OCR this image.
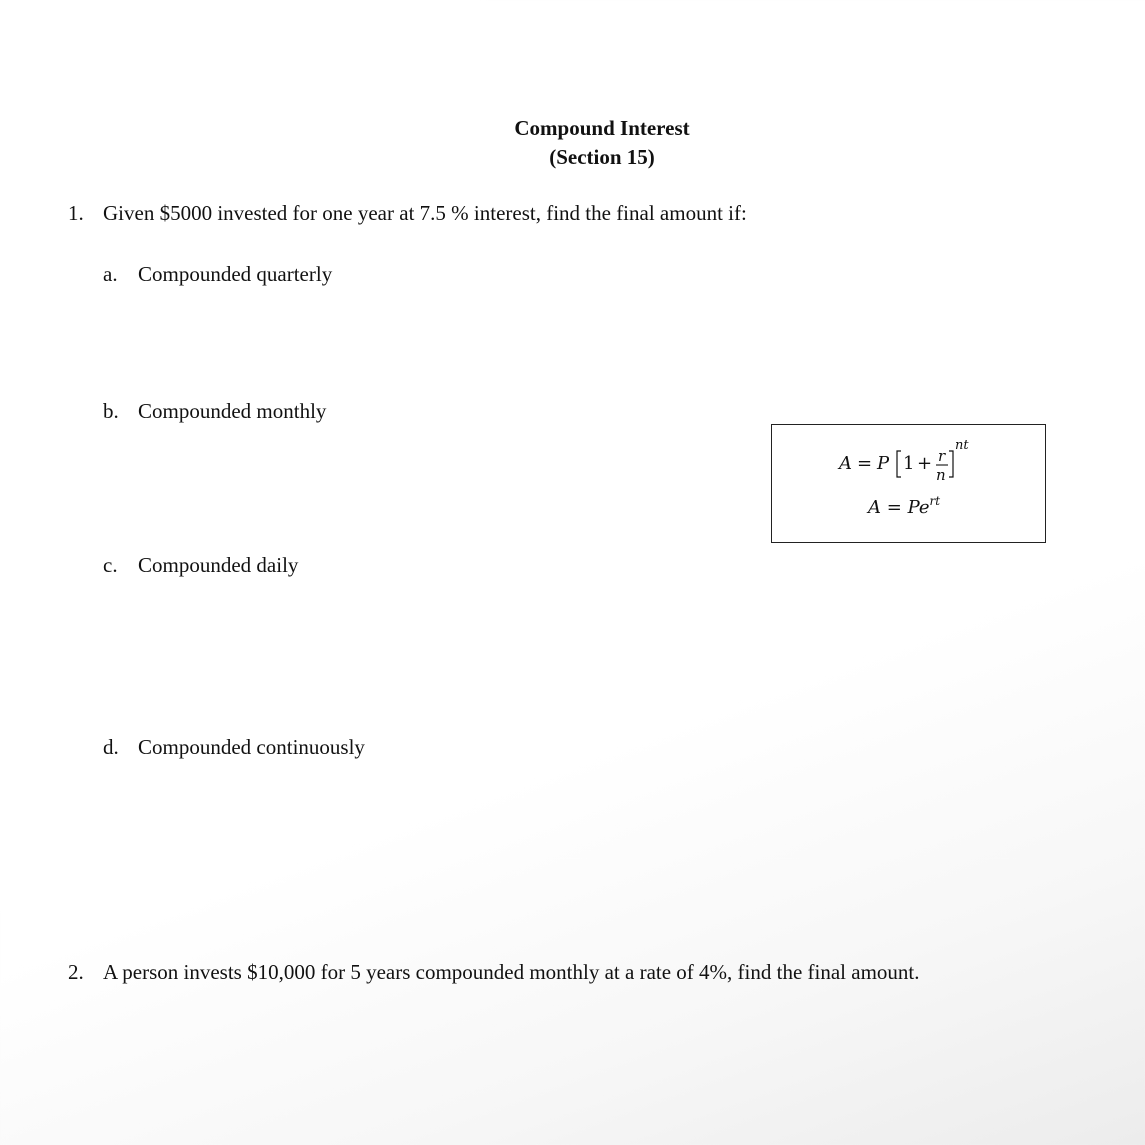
Compound Interest
(Section 15)
1. Given $5000 invested for one year at 7.5 % interest, find the final amount if:
a. Compounded quarterly
b. Compounded monthly
c. Compounded daily
d. Compounded continuously
A = P 1 + r
n
nt
$A = Pe^{rt}$
2. A person invests $10,000 for 5 years compounded monthly at a rate of 4%, find the final amount.
